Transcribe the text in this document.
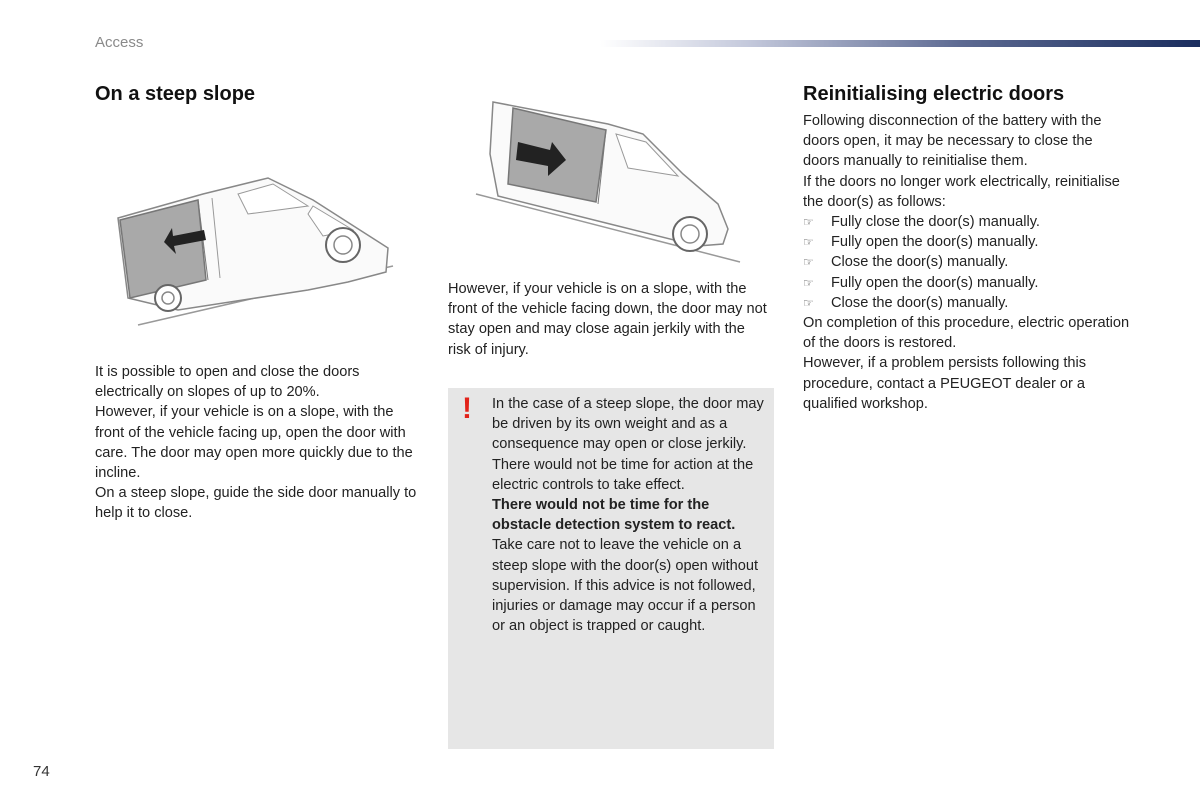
Access
On a steep slope

It is possible to open and close the doors electrically on slopes of up to 20%.

However, if your vehicle is on a slope, with the front of the vehicle facing up, open the door with care. The door may open more quickly due to the incline.

On a steep slope, guide the side door manually to help it to close.

However, if your vehicle is on a slope, with the front of the vehicle facing down, the door may not stay open and may close again jerkily with the risk of injury.
! In the case of a steep slope, the door may be driven by its own weight and as a consequence may open or close jerkily.

There would not be time for action at the electric controls to take effect.

There would not be time for the obstacle detection system to react.

Take care not to leave the vehicle on a steep slope with the door(s) open without supervision. If this advice is not followed, injuries or damage may occur if a person or an object is trapped or caught.

Reinitialising electric doors

Following disconnection of the battery with the doors open, it may be necessary to close the doors manually to reinitialise them.

If the doors no longer work electrically, reinitialise the door(s) as follows:

☞ Fully close the door(s) manually.
☞ Fully open the door(s) manually.
☞ Close the door(s) manually.
☞ Fully open the door(s) manually.
☞ Close the door(s) manually.

On completion of this procedure, electric operation of the doors is restored.

However, if a problem persists following this procedure, contact a PEUGEOT dealer or a qualified workshop.

74
